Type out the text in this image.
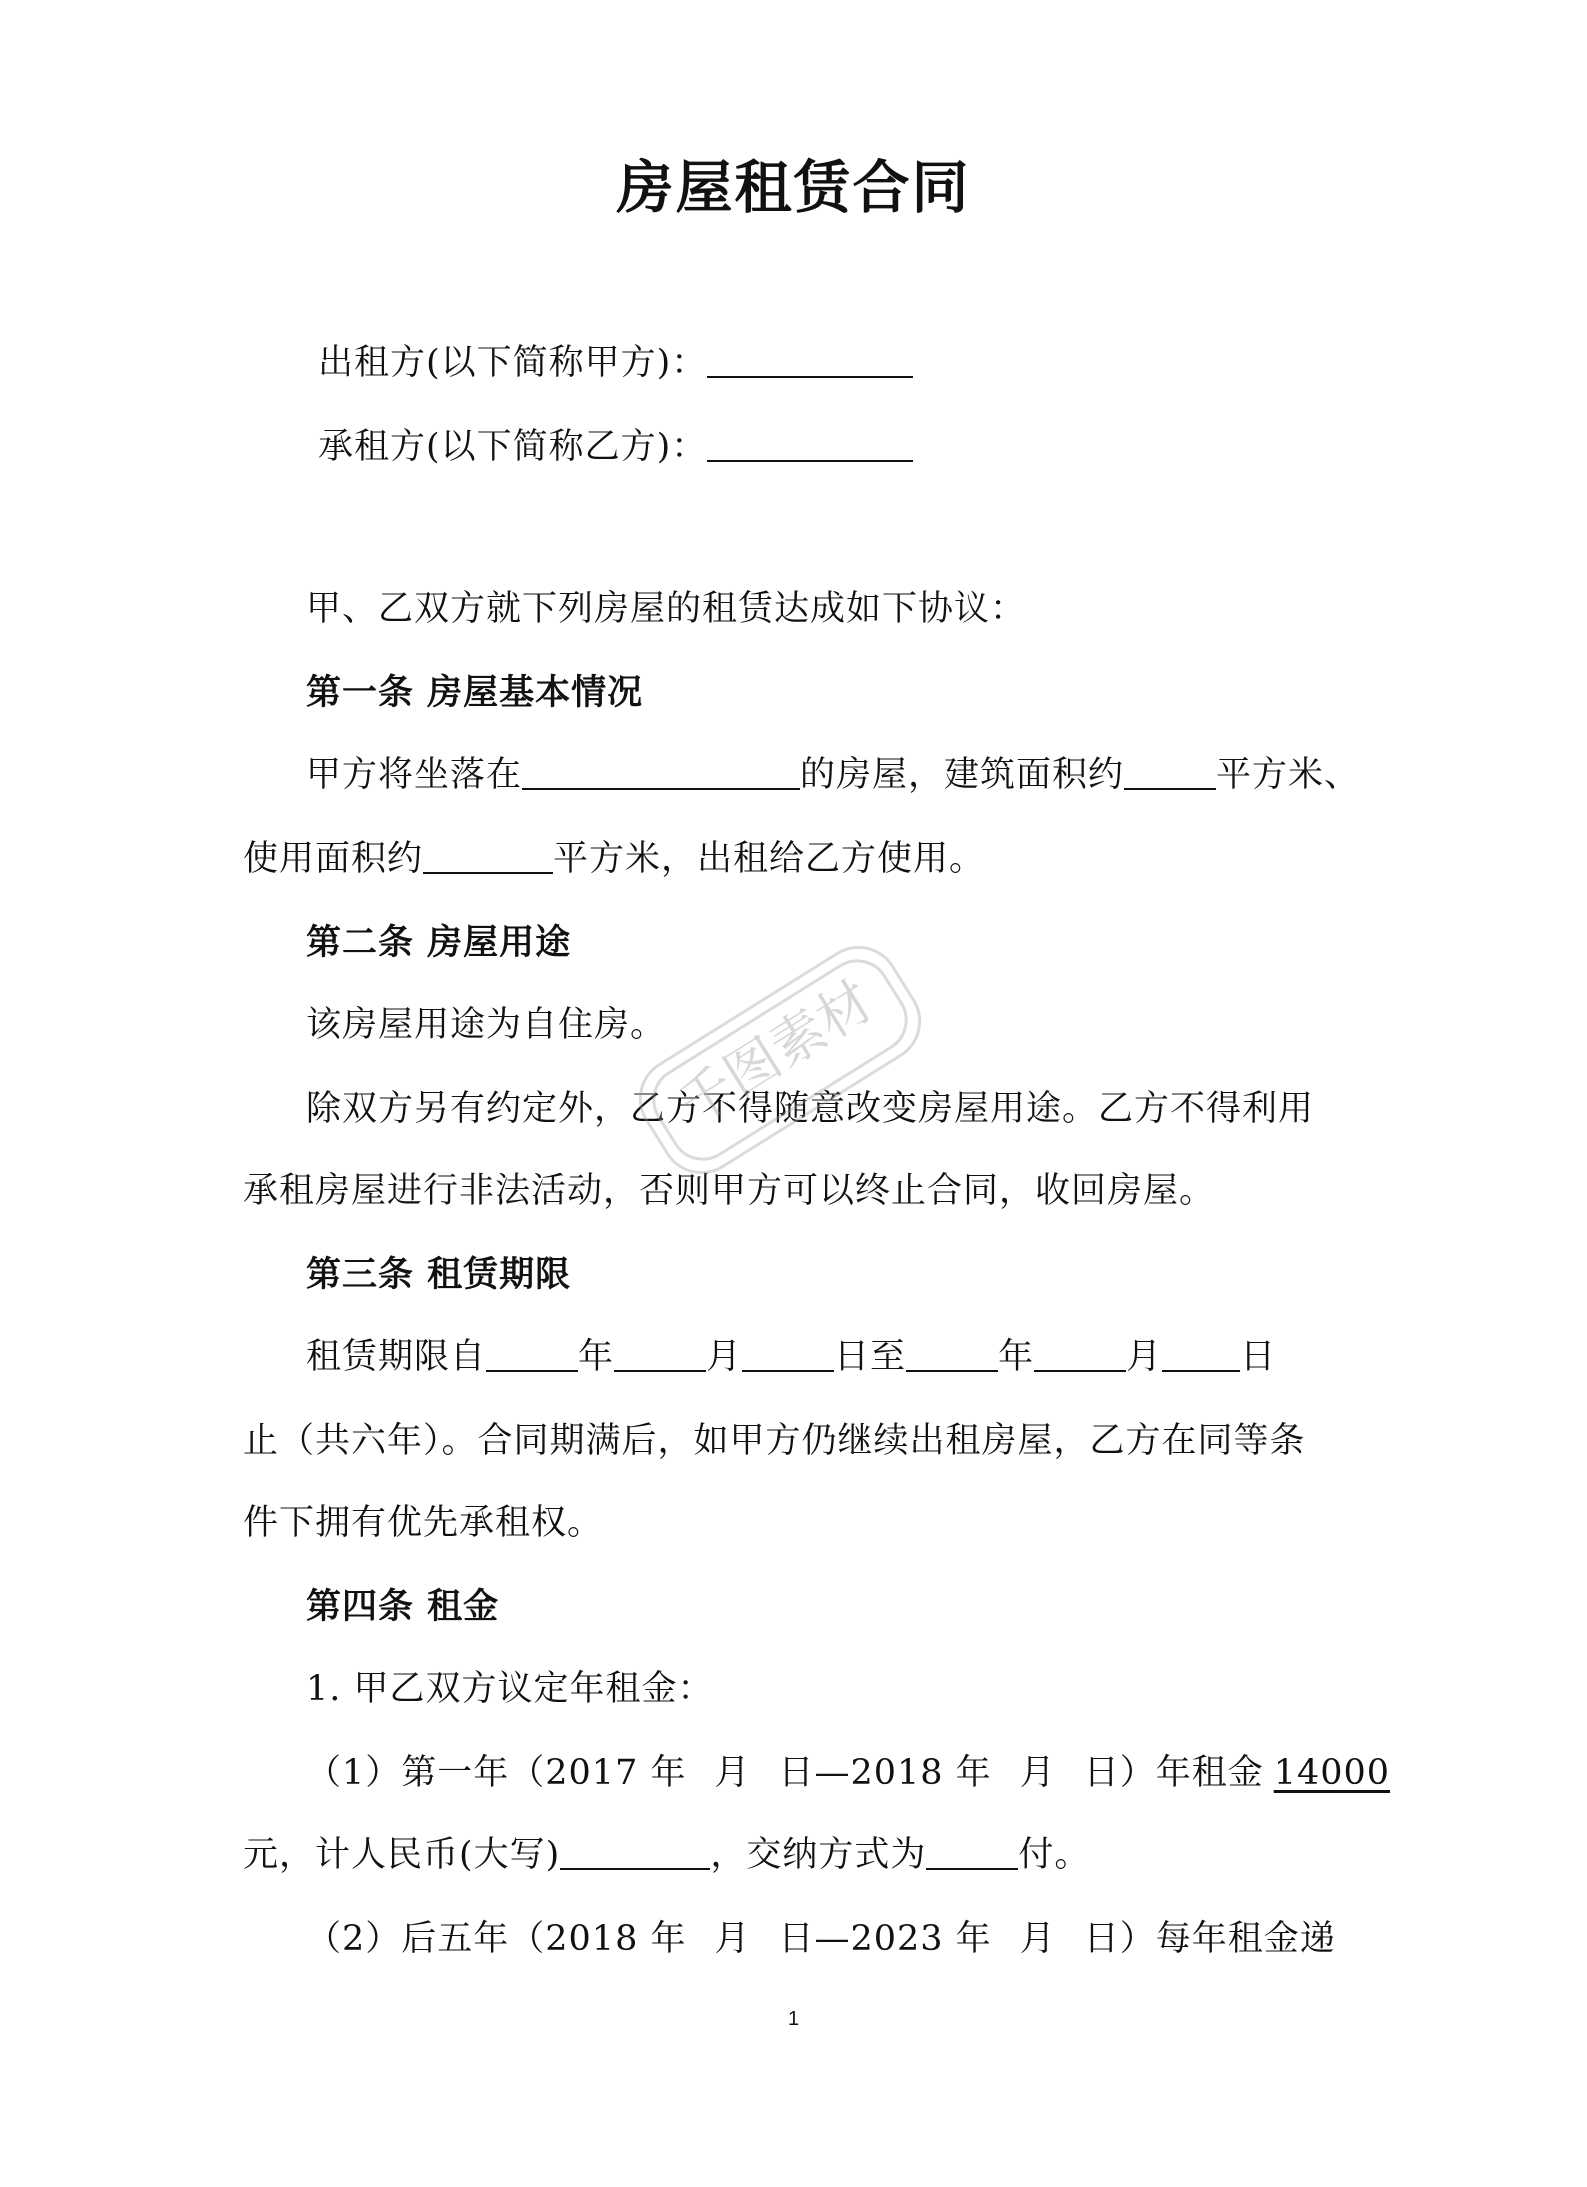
房屋租赁合同
出租方(以下简称甲方)：
承租方(以下简称乙方)：
甲、乙双方就下列房屋的租赁达成如下协议：
第一条 房屋基本情况
甲方将坐落在	的房屋，建筑面积约	平方米、
使用面积约	平方米，出租给乙方使用。
第二条 房屋用途
该房屋用途为自住房。
除双方另有约定外，乙方不得随意改变房屋用途。乙方不得利用
承租房屋进行非法活动，否则甲方可以终止合同，收回房屋。
第三条 租赁期限
租赁期限自	年	月	日至	年	月 日
止（共六年）。合同期满后，如甲方仍继续出租房屋，乙方在同等条
件下拥有优先承租权。
第四条 租金
1. 甲乙双方议定年租金：
（1）第一年（2017 年 月 日—2018 年 月 日）年租金 14000
元，计人民币(大写)	，交纳方式为	付。
（2）后五年（2018 年 月 日—2023 年 月 日）每年租金递
1
千图素材
